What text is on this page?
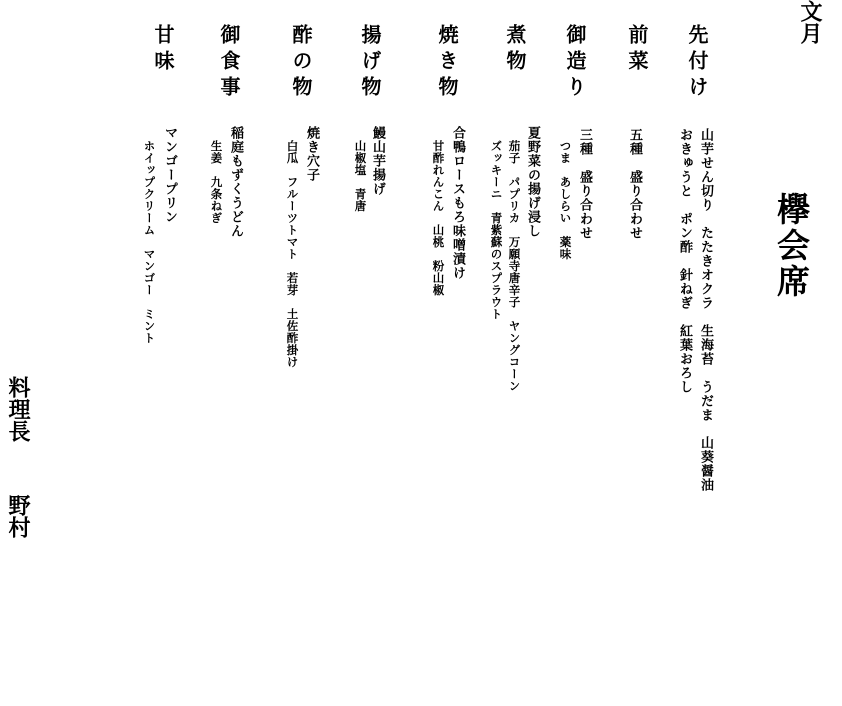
文月
欅会席
先付け
山芋せん切り　たたきオクラ　生海苔　うだま　山葵醤油
おきゅうと　ポン酢　針ねぎ　紅葉おろし
前菜
五種　盛り合わせ
御造り
三種　盛り合わせ
つま　あしらい　薬味
煮物
夏野菜の揚げ浸し
茄子　パプリカ　万願寺唐辛子　ヤングコーン
ズッキーニ　青紫蘇のスプラウト
焼き物
合鴨ロースもろ味噌漬け
甘酢れんこん　山桃　粉山椒
揚げ物
鰻山芋揚げ
山椒塩　青唐
酢の物
焼き穴子
白瓜　フルーツトマト　若芽　土佐酢掛け
御食事
稲庭もずくうどん
生姜　九条ねぎ
甘味
マンゴープリン
ホイップクリーム　マンゴー　ミント
料理長
野村
